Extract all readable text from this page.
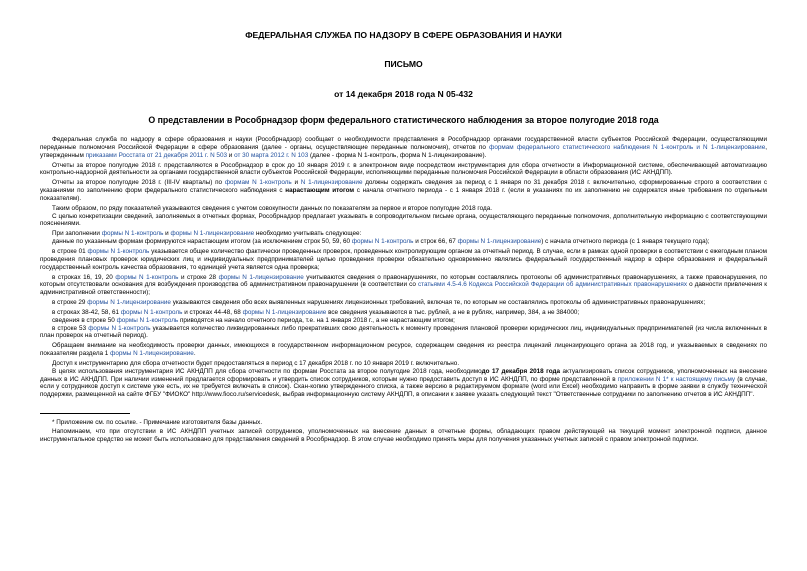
ФЕДЕРАЛЬНАЯ СЛУЖБА ПО НАДЗОРУ В СФЕРЕ ОБРАЗОВАНИЯ И НАУКИ
ПИСЬМО
от 14 декабря 2018 года N 05-432
О представлении в Рособрнадзор форм федерального статистического наблюдения за второе полугодие 2018 года

Федеральная служба по надзору в сфере образования и науки (Рособрнадзор) сообщает о необходимости представления в Рособрнадзор органами государственной власти субъектов Российской Федерации, осуществляющими переданные полномочия Российской Федерации в сфере образования (далее - органы, осуществляющие переданные полномочия), отчетов по формам федерального статистического наблюдения N 1-контроль и N 1-лицензирование, утвержденным приказами Росстата от 21 декабря 2011 г. N 503 и от 30 марта 2012 г. N 103 (далее - форма N 1-контроль, форма N 1-лицензирование).

Отчеты за второе полугодие 2018 г. представляются в Рособрнадзор в срок до 10 января 2019 г. в электронном виде посредством инструментария для сбора отчетности в Информационной системе, обеспечивающей автоматизацию контрольно-надзорной деятельности за органами государственной власти субъектов Российской Федерации, исполняющими переданные полномочия Российской Федерации в области образования (ИС АКНДПП).

Отчеты за второе полугодие 2018 г. (III-IV кварталы) по формам N 1-контроль и N 1-лицензирование должны содержать сведения за период с 1 января по 31 декабря 2018 г. включительно, сформированные строго в соответствии с указаниями по заполнению форм федерального статистического наблюдения с нарастающим итогом с начала отчетного периода - с 1 января 2018 г. (если в указаниях по их заполнению не содержатся иные требования по отдельным показателям).

Таким образом, по ряду показателей указываются сведения с учетом совокупности данных по показателям за первое и второе полугодие 2018 года.

С целью конкретизации сведений, заполняемых в отчетных формах, Рособрнадзор предлагает указывать в сопроводительном письме органа, осуществляющего переданные полномочия, дополнительную информацию с соответствующими пояснениями.

При заполнении формы N 1-контроль и формы N 1-лицензирование необходимо учитывать следующее:

данные по указанным формам формируются нарастающим итогом (за исключением строк 50, 59, 60 формы N 1-контроль и строк 66, 67 формы N 1-лицензирование) с начала отчетного периода (с 1 января текущего года);

в строке 01 формы N 1-контроль указывается общее количество фактически проведенных проверок, проведенных контролирующим органом за отчетный период. В случае, если в рамках одной проверки в соответствии с ежегодным планом проведения плановых проверок юридических лиц и индивидуальных предпринимателей целью проведения проверки обязательно одновременно являлись федеральный государственный надзор в сфере образования и федеральный государственный контроль качества образования, то единицей учета является одна проверка;

в строках 16, 19, 20 формы N 1-контроль и строке 28 формы N 1-лицензирование учитываются сведения о правонарушениях, по которым составлялись протоколы об административных правонарушениях, а также правонарушения, по которым отсутствовали основания для возбуждения производства об административном правонарушении (в соответствии со статьями 4.5-4.6 Кодекса Российской Федерации об административных правонарушениях о давности привлечения к административной ответственности);

в строке 29 формы N 1-лицензирование указываются сведения обо всех выявленных нарушениях лицензионных требований, включая те, по которым не составлялись протоколы об административных правонарушениях;

в строках 38-42, 58, 61 формы N 1-контроль и строках 44-48, 68 формы N 1-лицензирование все сведения указываются в тыс. рублей, а не в рублях, например, 384, а не 384000;

сведения в строке 50 формы N 1-контроль приводятся на начало отчетного периода, т.е. на 1 января 2018 г., а не нарастающим итогом;

в строке 53 формы N 1-контроль указывается количество ликвидированных либо прекративших свою деятельность к моменту проведения плановой проверки юридических лиц, индивидуальных предпринимателей (из числа включенных в план проверок на отчетный период).

Обращаем внимание на необходимость проверки данных, имеющихся в государственном информационном ресурсе, содержащем сведения из реестра лицензий лицензирующего органа за 2018 год, и указываемых в сведениях по показателям раздела 1 формы N 1-лицензирование.

Доступ к инструментарию для сбора отчетности будет предоставляться в период с 17 декабря 2018 г. по 10 января 2019 г. включительно.

В целях использования инструментария ИС АКНДПП для сбора отчетности по формам Росстата за второе полугодие 2018 года, необходимодо 17 декабря 2018 года актуализировать список сотрудников, уполномоченных на внесение данных в ИС АКНДПП. При наличии изменений предлагается сформировать и утвердить список сотрудников, которым нужно предоставить доступ в ИС АКНДПП, по форме представленной в приложении N 1* к настоящему письму (в случае, если у сотрудников доступ к системе уже есть, их не требуется включать в список). Скан-копию утвержденного списка, а также версию в редактируемом формате (word или Excel) необходимо направить в форме заявки в службу технической поддержки, размещенной на сайте ФГБУ "ФИОКО" http://www.fioco.ru/servicedesk, выбрав информационную систему АКНДПП, в описании к заявке указать следующий текст "Ответственные сотрудники по заполнению отчетов в ИС АКНДПП".

* Приложение см. по ссылке. - Примечание изготовителя базы данных.

Напоминаем, что при отсутствии в ИС АКНДПП учетных записей сотрудников, уполномоченных на внесение данных в отчетные формы, обладающих правом действующей на текущий момент электронной подписи, данное инструментальное средство не может быть использовано для представления сведений в Рособрнадзор. В этом случае необходимо принять меры для получения указанных учетных записей с правом электронной подписи.
